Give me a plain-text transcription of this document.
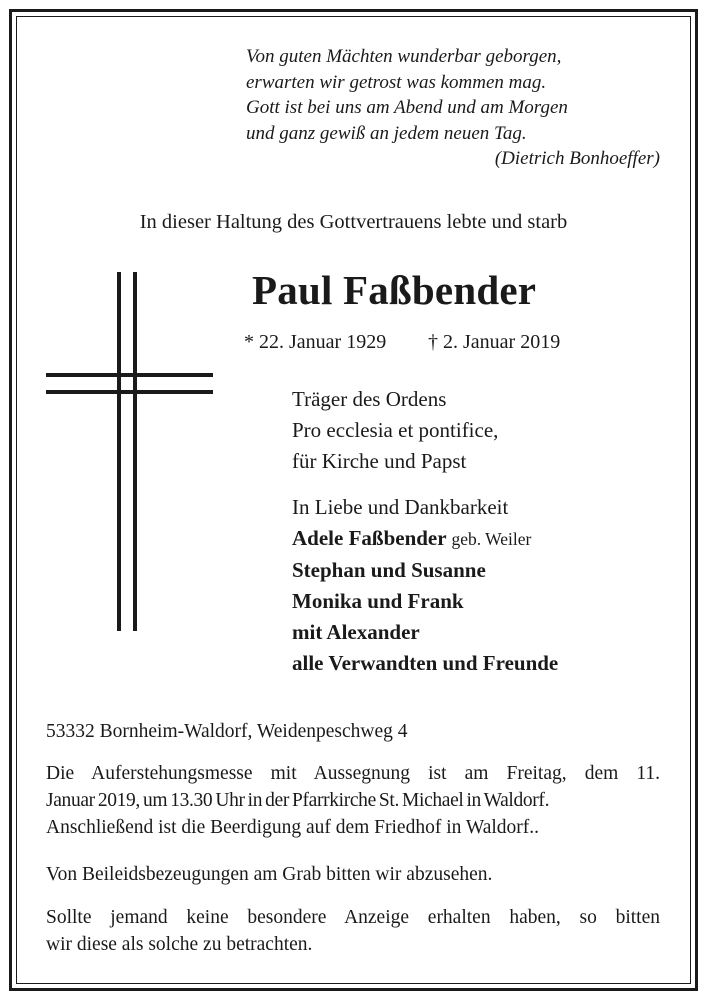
Von guten Mächten wunderbar geborgen,
erwarten wir getrost was kommen mag.
Gott ist bei uns am Abend und am Morgen
und ganz gewiß an jedem neuen Tag.

(Dietrich Bonhoeffer)

In dieser Haltung des Gottvertrauens lebte und starb

Paul Faßbender

* 22. Januar 1929 † 2. Januar 2019

Träger des Ordens
Pro ecclesia et pontifice,
für Kirche und Papst
In Liebe und Dankbarkeit
Adele Faßbender geb. Weiler
Stephan und Susanne
Monika und Frank
mit Alexander
alle Verwandten und Freunde

53332 Bornheim-Waldorf, Weidenpeschweg 4

Die Auferstehungsmesse mit Aussegnung ist am Freitag, dem 11.
Januar 2019, um 13.30 Uhr in der Pfarrkirche St. Michael in Waldorf.
Anschließend ist die Beerdigung auf dem Friedhof in Waldorf..

Von Beileidsbezeugungen am Grab bitten wir abzusehen.

Sollte jemand keine besondere Anzeige erhalten haben, so bitten
wir diese als solche zu betrachten.
